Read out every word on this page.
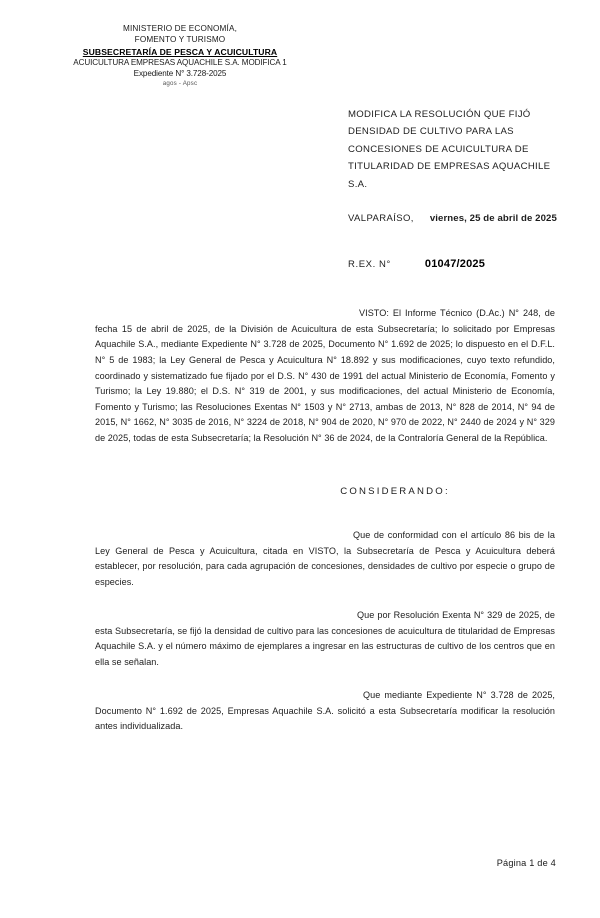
MINISTERIO DE ECONOMÍA,
FOMENTO Y TURISMO
SUBSECRETARÍA DE PESCA Y ACUICULTURA
ACUICULTURA EMPRESAS AQUACHILE S.A. MODIFICA 1
Expediente N° 3.728-2025
agos - Apsc
MODIFICA LA RESOLUCIÓN QUE FIJÓ
DENSIDAD DE CULTIVO PARA LAS
CONCESIONES DE ACUICULTURA DE
TITULARIDAD DE EMPRESAS AQUACHILE
S.A.
VALPARAÍSO, viernes, 25 de abril de 2025
R.EX. N°	01047/2025
VISTO: El Informe Técnico (D.Ac.) N° 248, de fecha 15 de abril de 2025, de la División de Acuicultura de esta Subsecretaría; lo solicitado por Empresas Aquachile S.A., mediante Expediente N° 3.728 de 2025, Documento N° 1.692 de 2025; lo dispuesto en el D.F.L. N° 5 de 1983; la Ley General de Pesca y Acuicultura N° 18.892 y sus modificaciones, cuyo texto refundido, coordinado y sistematizado fue fijado por el D.S. N° 430 de 1991 del actual Ministerio de Economía, Fomento y Turismo; la Ley 19.880; el D.S. N° 319 de 2001, y sus modificaciones, del actual Ministerio de Economía, Fomento y Turismo; las Resoluciones Exentas N° 1503 y N° 2713, ambas de 2013, N° 828 de 2014, N° 94 de 2015, N° 1662, N° 3035 de 2016, N° 3224 de 2018, N° 904 de 2020, N° 970 de 2022, N° 2440 de 2024 y N° 329 de 2025, todas de esta Subsecretaría; la Resolución N° 36 de 2024, de la Contraloría General de la República.
CONSIDERANDO:
Que de conformidad con el artículo 86 bis de la Ley General de Pesca y Acuicultura, citada en VISTO, la Subsecretaría de Pesca y Acuicultura deberá establecer, por resolución, para cada agrupación de concesiones, densidades de cultivo por especie o grupo de especies.
Que por Resolución Exenta N° 329 de 2025, de esta Subsecretaría, se fijó la densidad de cultivo para las concesiones de acuicultura de titularidad de Empresas Aquachile S.A. y el número máximo de ejemplares a ingresar en las estructuras de cultivo de los centros que en ella se señalan.
Que mediante Expediente N° 3.728 de 2025, Documento N° 1.692 de 2025, Empresas Aquachile S.A. solicitó a esta Subsecretaría modificar la resolución antes individualizada.
Página 1 de 4
